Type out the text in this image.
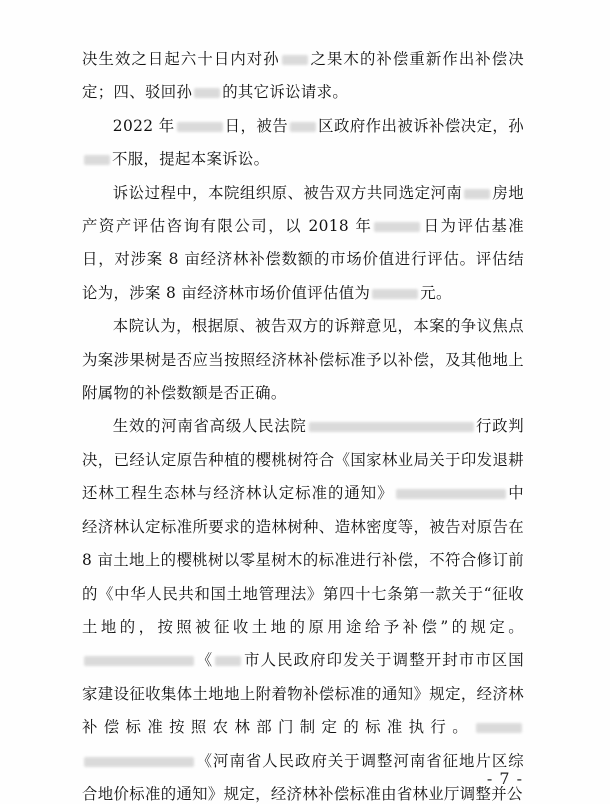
决生效之日起六十日内对孙 之果木的补偿重新作出补偿决定；四、驳回孙 的其它诉讼请求。

2022 年	日，被告 区政府作出被诉补偿决定，孙不服，提起本案诉讼。

诉讼过程中，本院组织原、被告双方共同选定河南 房地产资产评估咨询有限公司，以 2018 年	日为评估基准日，对涉案 8 亩经济林补偿数额的市场价值进行评估。评估结论为，涉案 8 亩经济林市场价值评估值为	元。

本院认为，根据原、被告双方的诉辩意见，本案的争议焦点为案涉果树是否应当按照经济林补偿标准予以补偿，及其他地上附属物的补偿数额是否正确。

生效的河南省高级人民法院	行政判决，已经认定原告种植的樱桃树符合《国家林业局关于印发退耕还林工程生态林与经济林认定标准的通知》	中经济林认定标准所要求的造林树种、造林密度等，被告对原告在 8 亩土地上的樱桃树以零星树木的标准进行补偿，不符合修订前的《中华人民共和国土地管理法》第四十七条第一款关于“征收土地的，按照被征收土地的原用途给予补偿”的规定。《 市人民政府印发关于调整开封市市区国家建设征收集体土地地上附着物补偿标准的通知》规定，经济林补偿标准按照农林部门制定的标准执行。《河南省人民政府关于调整河南省征地片区综合地价标准的通知》规定，经济林补偿标准由省林业厅调整并公

- 7 -
